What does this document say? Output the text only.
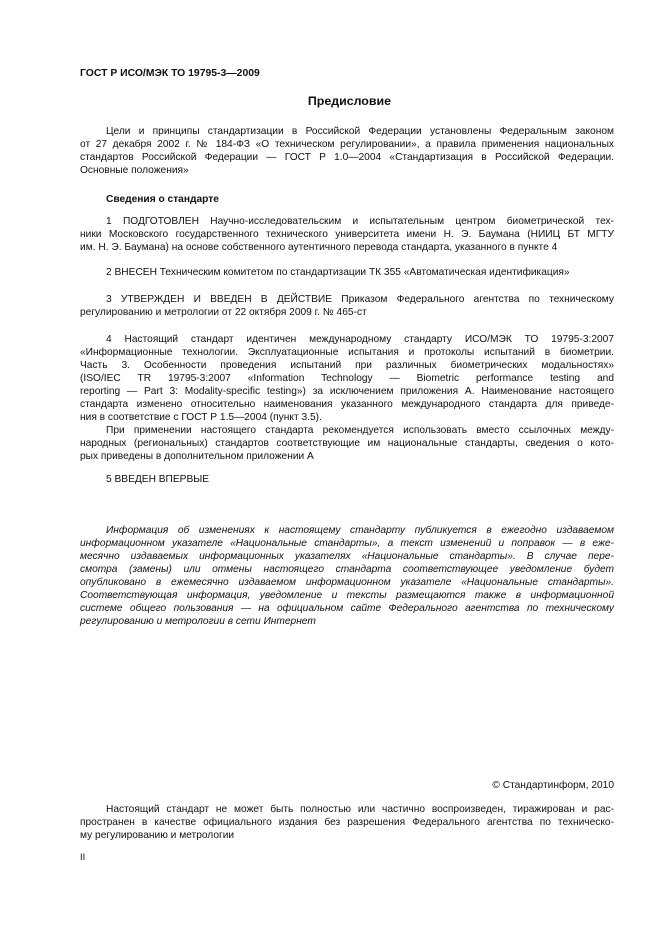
ГОСТ Р ИСО/МЭК ТО 19795-3—2009
Предисловие
Цели и принципы стандартизации в Российской Федерации установлены Федеральным законом
от 27 декабря 2002 г. № 184-ФЗ «О техническом регулировании», а правила применения национальных
стандартов Российской Федерации — ГОСТ Р 1.0—2004 «Стандартизация в Российской Федерации.
Основные положения»
Сведения о стандарте
1 ПОДГОТОВЛЕН Научно-исследовательским и испытательным центром биометрической тех-
ники Московского государственного технического университета имени Н. Э. Баумана (НИИЦ БТ МГТУ
им. Н. Э. Баумана) на основе собственного аутентичного перевода стандарта, указанного в пункте 4
2 ВНЕСЕН Техническим комитетом по стандартизации ТК 355 «Автоматическая идентификация»
3 УТВЕРЖДЕН И ВВЕДЕН В ДЕЙСТВИЕ Приказом Федерального агентства по техническому
регулированию и метрологии от 22 октября 2009 г. № 465-ст
4 Настоящий стандарт идентичен международному стандарту ИСО/МЭК ТО 19795-3:2007
«Информационные технологии. Эксплуатационные испытания и протоколы испытаний в биометрии.
Часть 3. Особенности проведения испытаний при различных биометрических модальностях»
(ISO/IEC TR 19795-3:2007 «Information Technology — Biometric performance testing and
reporting — Part 3: Modality-specific testing») за исключением приложения А. Наименование настоящего
стандарта изменено относительно наименования указанного международного стандарта для приведе-
ния в соответствие с ГОСТ Р 1.5—2004 (пункт 3.5).
При применении настоящего стандарта рекомендуется использовать вместо ссылочных между-
народных (региональных) стандартов соответствующие им национальные стандарты, сведения о кото-
рых приведены в дополнительном приложении А
5 ВВЕДЕН ВПЕРВЫЕ
Информация об изменениях к настоящему стандарту публикуется в ежегодно издаваемом
информационном указателе «Национальные стандарты», а текст изменений и поправок — в еже-
месячно издаваемых информационных указателях «Национальные стандарты». В случае пере-
смотра (замены) или отмены настоящего стандарта соответствующее уведомление будет
опубликовано в ежемесячно издаваемом информационном указателе «Национальные стандарты».
Соответствующая информация, уведомление и тексты размещаются также в информационной
системе общего пользования — на официальном сайте Федерального агентства по техническому
регулированию и метрологии в сети Интернет
© Стандартинформ, 2010
Настоящий стандарт не может быть полностью или частично воспроизведен, тиражирован и рас-
пространен в качестве официального издания без разрешения Федерального агентства по техническо-
му регулированию и метрологии
II
